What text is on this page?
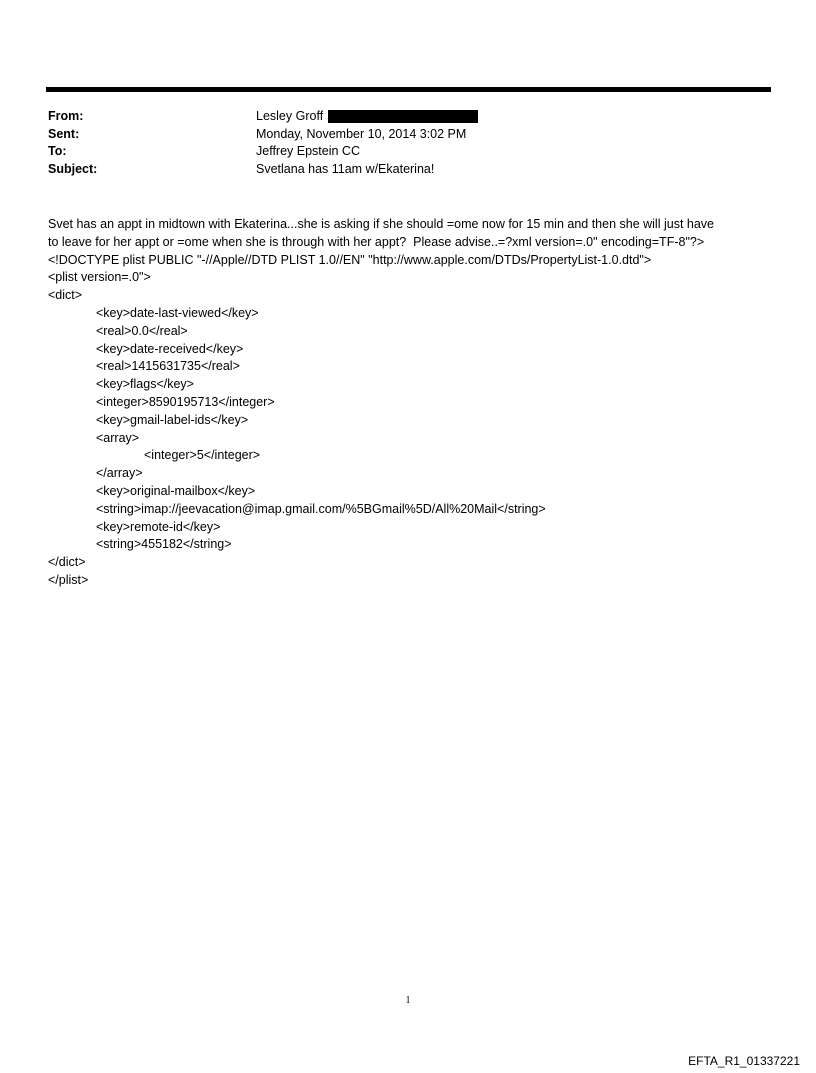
From:	Lesley Groff
Sent:	Monday, November 10, 2014 3:02 PM
To:	Jeffrey Epstein CC
Subject:	Svetlana has 11am w/Ekaterina!
Svet has an appt in midtown with Ekaterina...she is asking if she should =ome now for 15 min and then she will just have
to leave for her appt or =ome when she is through with her appt?  Please advise..=?xml version=.0" encoding=TF-8"?>
<!DOCTYPE plist PUBLIC "-//Apple//DTD PLIST 1.0//EN" "http://www.apple.com/DTDs/PropertyList-1.0.dtd">
<plist version=.0">
<dict>
<key>date-last-viewed</key>
<real>0.0</real>
<key>date-received</key>
<real>1415631735</real>
<key>flags</key>
<integer>8590195713</integer>
<key>gmail-label-ids</key>
<array>
<integer>5</integer>
</array>
<key>original-mailbox</key>
<string>imap://jeevacation@imap.gmail.com/%5BGmail%5D/All%20Mail</string>
<key>remote-id</key>
<string>455182</string>
</dict>
</plist>
1
EFTA_R1_01337221
